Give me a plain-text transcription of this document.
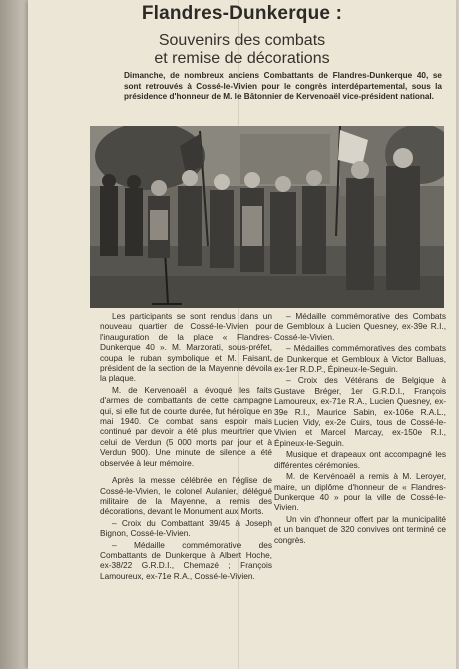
Flandres-Dunkerque :
Souvenirs des combats
et remise de décorations

Dimanche, de nombreux anciens Combattants de Flandres-Dunkerque 40, se sont retrouvés à Cossé-le-Vivien pour le congrès interdépartemental, sous la présidence d'honneur de M. le Bâtonnier de Kervenoaël vice-président national.

Les participants se sont rendus dans un nouveau quartier de Cossé-le-Vivien pour l'inauguration de la place « Flandres-Dunkerque 40 ». M. Marzorati, sous-préfet, coupa le ruban symbolique et M. Faisant, président de la section de la Mayenne dévoila la plaque.

M. de Kervenoaël a évoqué les faits d'armes de combattants de cette campagne qui, si elle fut de courte durée, fut héroïque en mai 1940. Ce combat sans espoir mais continué par devoir a été plus meurtrier que celui de Verdun (5 000 morts par jour et à Verdun 900). Une minute de silence a été observée à leur mémoire.

Après la messe célébrée en l'église de Cossé-le-Vivien, le colonel Aulanier, délégué militaire de la Mayenne, a remis des décorations, devant le Monument aux Morts.

– Croix du Combattant 39/45 à Joseph Bignon, Cossé-le-Vivien.

– Médaille commémorative des Combattants de Dunkerque à Albert Hoche, ex-38/22 G.R.D.I., Chemazé ; François Lamoureux, ex-71e R.A., Cossé-le-Vivien.

– Médaille commémorative des Combats de Gembloux à Lucien Quesney, ex-39e R.I., Cossé-le-Vivien.

– Médailles commémoratives des combats de Dunkerque et Gembloux à Victor Balluas, ex-1er R.D.P., Épineux-le-Seguin.

– Croix des Vétérans de Belgique à Gustave Bréger, 1er G.R.D.I., François Lamoureux, ex-71e R.A., Lucien Quesney, ex-39e R.I., Maurice Sabin, ex-106e R.A.L., Lucien Vidy, ex-2e Cuirs, tous de Cossé-le-Vivien et Marcel Marcay, ex-150e R.I., Épineux-le-Seguin.

Musique et drapeaux ont accompagné les différentes cérémonies.

M. de Kervénoaël a remis à M. Leroyer, maire, un diplôme d'honneur de « Flandres-Dunkerque 40 » pour la ville de Cossé-le-Vivien.

Un vin d'honneur offert par la municipalité et un banquet de 320 convives ont terminé ce congrès.
